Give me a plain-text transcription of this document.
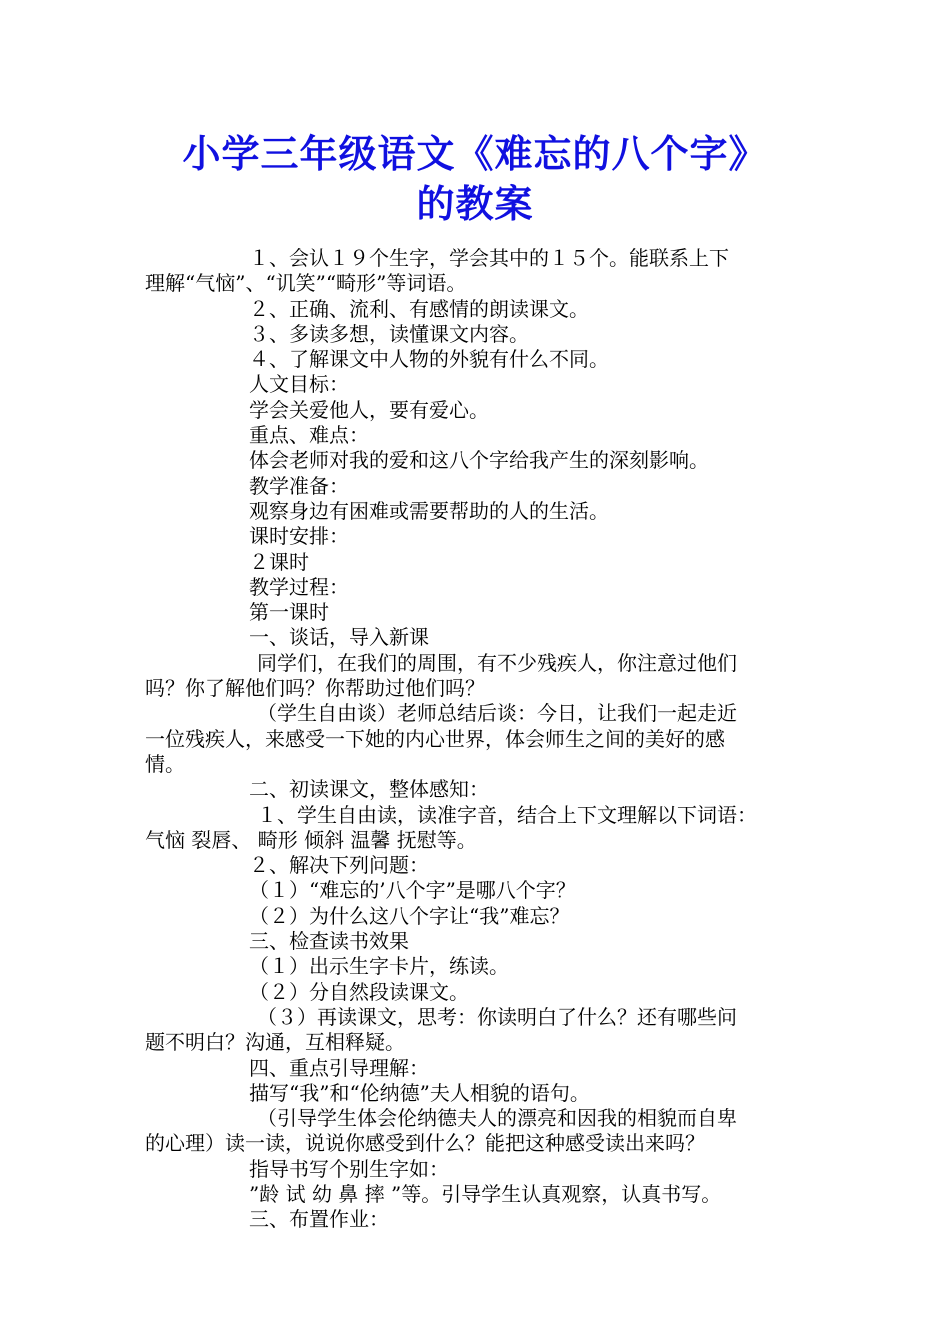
小学三年级语文《难忘的八个字》
的教案
１、会认１９个生字，学会其中的１５个。能联系上下
理解“气恼”、“讥笑”“畸形”等词语。
２、正确、流利、有感情的朗读课文。
３、多读多想，读懂课文内容。
４、了解课文中人物的外貌有什么不同。
人文目标：
学会关爱他人，要有爱心。
重点、难点：
体会老师对我的爱和这八个字给我产生的深刻影响。
教学准备：
观察身边有困难或需要帮助的人的生活。
课时安排：
２课时
教学过程：
第一课时
一、谈话，导入新课
同学们，在我们的周围，有不少残疾人，你注意过他们
吗？你了解他们吗？你帮助过他们吗？
（学生自由谈）老师总结后谈：今日，让我们一起走近
一位残疾人，来感受一下她的内心世界，体会师生之间的美好的感
情。
二、初读课文，整体感知：
１、学生自由读，读准字音，结合上下文理解以下词语：
气恼 裂唇、 畸形 倾斜 温馨 抚慰等。
２、解决下列问题：
（１）“难忘的’八个字”是哪八个字？
（２）为什么这八个字让“我”难忘？
三、检查读书效果
（１）出示生字卡片，练读。
（２）分自然段读课文。
（３）再读课文，思考：你读明白了什么？还有哪些问
题不明白？沟通，互相释疑。
四、重点引导理解：
描写“我”和“伦纳德”夫人相貌的语句。
（引导学生体会伦纳德夫人的漂亮和因我的相貌而自卑
的心理）读一读，说说你感受到什么？能把这种感受读出来吗？
指导书写个别生字如：
”龄 试 幼 鼻 摔 ”等。引导学生认真观察，认真书写。
三、布置作业：
